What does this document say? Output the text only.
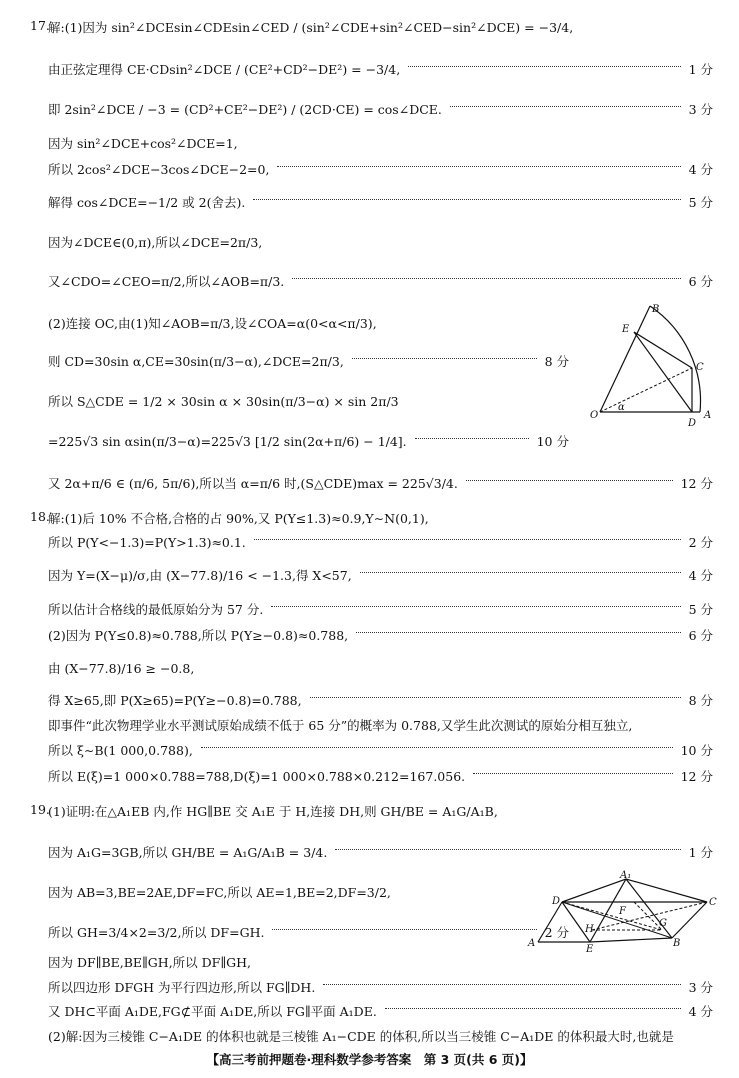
17.
解:(1)因为 sin²∠DCEsin∠CDEsin∠CED / (sin²∠CDE+sin²∠CED−sin²∠DCE) = −3/4,
由正弦定理得 CE·CDsin²∠DCE / (CE²+CD²−DE²) = −3/4,	1 分
即 2sin²∠DCE / −3 = (CD²+CE²−DE²) / (2CD·CE) = cos∠DCE.	3 分
因为 sin²∠DCE+cos²∠DCE=1,
所以 2cos²∠DCE−3cos∠DCE−2=0,	4 分
解得 cos∠DCE=−1/2 或 2(舍去).	5 分
因为∠DCE∈(0,π),所以∠DCE=2π/3,
又∠CDO=∠CEO=π/2,所以∠AOB=π/3.	6 分
(2)连接 OC,由(1)知∠AOB=π/3,设∠COA=α(0<α<π/3),
则 CD=30sin α,CE=30sin(π/3−α),∠DCE=2π/3,	8 分
所以 S△CDE = 1/2 × 30sin α × 30sin(π/3−α) × sin 2π/3
=225√3 sin αsin(π/3−α)=225√3 [1/2 sin(2α+π/6) − 1/4].	10 分
又 2α+π/6 ∈ (π/6, 5π/6),所以当 α=π/6 时,(S△CDE)max = 225√3/4.	12 分
B
E
C
O
α
D
A
18.
解:(1)后 10% 不合格,合格的占 90%,又 P(Y≤1.3)≈0.9,Y∼N(0,1),
所以 P(Y<−1.3)=P(Y>1.3)≈0.1.	2 分
因为 Y=(X−μ)/σ,由 (X−77.8)/16 < −1.3,得 X<57,	4 分
所以估计合格线的最低原始分为 57 分.	5 分
(2)因为 P(Y≤0.8)≈0.788,所以 P(Y≥−0.8)≈0.788,	6 分
由 (X−77.8)/16 ≥ −0.8,
得 X≥65,即 P(X≥65)=P(Y≥−0.8)=0.788,	8 分
即事件“此次物理学业水平测试原始成绩不低于 65 分”的概率为 0.788,又学生此次测试的原始分相互独立,
所以 ξ∼B(1 000,0.788),	10 分
所以 E(ξ)=1 000×0.788=788,D(ξ)=1 000×0.788×0.212=167.056.	12 分
19.
(1)证明:在△A₁EB 内,作 HG∥BE 交 A₁E 于 H,连接 DH,则 GH/BE = A₁G/A₁B,
因为 A₁G=3GB,所以 GH/BE = A₁G/A₁B = 3/4.	1 分
因为 AB=3,BE=2AE,DF=FC,所以 AE=1,BE=2,DF=3/2,
所以 GH=3/4×2=3/2,所以 DF=GH.	2 分
因为 DF∥BE,BE∥GH,所以 DF∥GH,
所以四边形 DFGH 为平行四边形,所以 FG∥DH.	3 分
又 DH⊂平面 A₁DE,FG⊄平面 A₁DE,所以 FG∥平面 A₁DE.	4 分
(2)解:因为三棱锥 C−A₁DE 的体积也就是三棱锥 A₁−CDE 的体积,所以当三棱锥 C−A₁DE 的体积最大时,也就是
A₁
D	C
F
H
G
A
E
B
【高三考前押题卷·理科数学参考答案　第 3 页(共 6 页)】
